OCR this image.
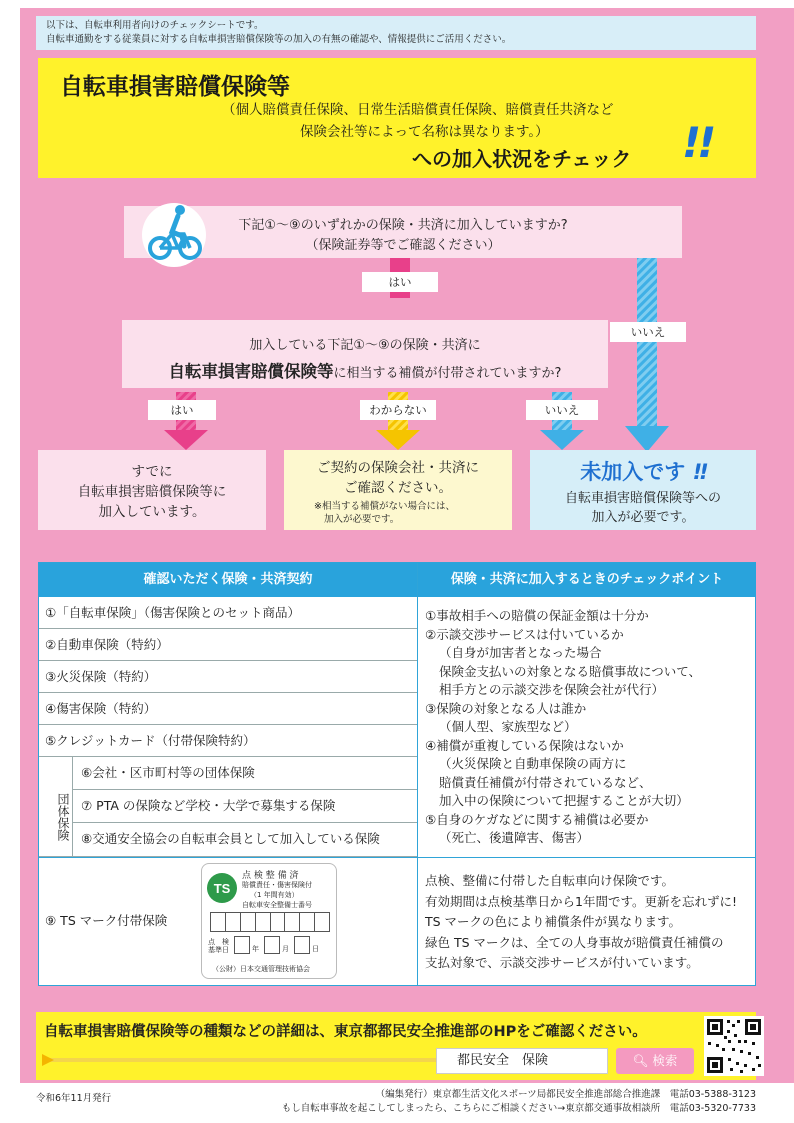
以下は、自転車利用者向けのチェックシートです。
自転車通勤をする従業員に対する自転車損害賠償保険等の加入の有無の確認や、情報提供にご活用ください。
自転車損害賠償保険等
（個人賠償責任保険、日常生活賠償責任保険、賠償責任共済など
保険会社等によって名称は異なります。）
への加入状況をチェック !!
下記①～⑨のいずれかの保険・共済に加入していますか?
（保険証券等でご確認ください）
はい
いいえ
加入している下記①～⑨の保険・共済に
自転車損害賠償保険等に相当する補償が付帯されていますか?
はい	わからない	いいえ
すでに
自転車損害賠償保険等に
加入しています。
ご契約の保険会社・共済に
ご確認ください。
※相当する補償がない場合には、
加入が必要です。
未加入です !!
自転車損害賠償保険等への
加入が必要です。
確認いただく保険・共済契約	保険・共済に加入するときのチェックポイント
①「自転車保険」（傷害保険とのセット商品）
②自動車保険（特約）
③火災保険（特約）
④傷害保険（特約）
⑤クレジットカード（付帯保険特約）
団体保険
⑥会社・区市町村等の団体保険
⑦ PTA の保険など学校・大学で募集する保険
⑧交通安全協会の自転車会員として加入している保険
①事故相手への賠償の保証金額は十分か
②示談交渉サービスは付いているか
（自身が加害者となった場合
保険金支払いの対象となる賠償事故について、
相手方との示談交渉を保険会社が代行）
③保険の対象となる人は誰か
（個人型、家族型など）
④補償が重複している保険はないか
（火災保険と自動車保険の両方に
賠償責任補償が付帯されているなど、
加入中の保険について把握することが大切）
⑤自身のケガなどに関する補償は必要か
（死亡、後遺障害、傷害）
⑨ TS マーク付帯保険
TS
点 検 整 備 済
賠償責任・傷害保険付
（1 年間有効）
自転車安全整備士番号
点　検
基準日	年	月	日
（公財）日本交通管理技術協会
点検、整備に付帯した自転車向け保険です。
有効期間は点検基準日から1年間です。更新を忘れずに!
TS マークの色により補償条件が異なります。
緑色 TS マークは、全ての人身事故が賠償責任補償の
支払対象で、示談交渉サービスが付いています。
自転車損害賠償保険等の種類などの詳細は、東京都都民安全推進部のHPをご確認ください。
都民安全　保険	🔍︎ 検索
令和6年11月発行	（編集発行）東京都生活文化スポーツ局都民安全推進部総合推進課　電話03-5388-3123
もし自転車事故を起こしてしまったら、こちらにご相談ください→東京都交通事故相談所　電話03-5320-7733
